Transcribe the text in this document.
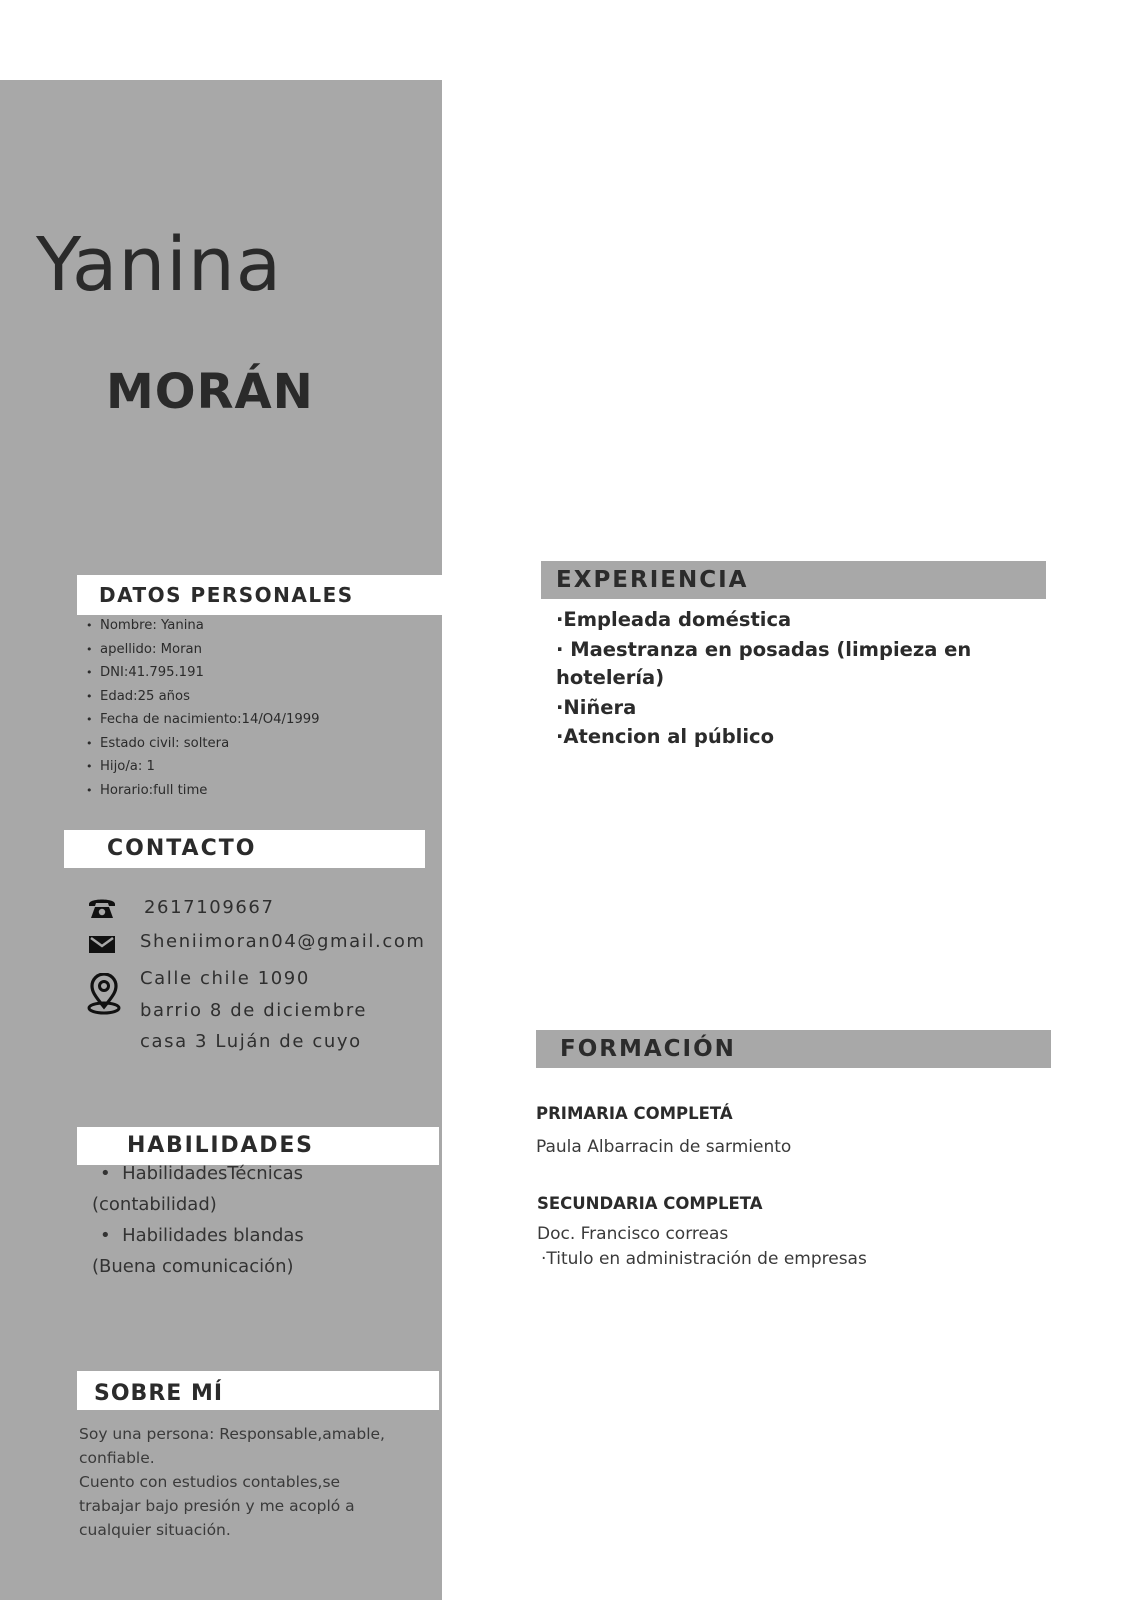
Yanina
MORÁN
DATOS PERSONALES
• Nombre: Yanina
• apellido: Moran
• DNI:41.795.191
• Edad:25 años
• Fecha de nacimiento:14/O4/1999
• Estado civil: soltera
• Hijo/a: 1
• Horario:full time
CONTACTO
2617109667
Sheniimoran04@gmail.com
Calle chile 1090
barrio 8 de diciembre
casa 3 Luján de cuyo
HABILIDADES
•  HabilidadesTécnicas
(contabilidad)
•  Habilidades blandas
(Buena comunicación)
SOBRE MÍ
Soy una persona: Responsable,amable,
confiable.
Cuento con estudios contables,se
trabajar bajo presión y me acopló a
cualquier situación.
EXPERIENCIA
·Empleada doméstica
· Maestranza en posadas (limpieza en hotelería)
·Niñera
·Atencion al público
FORMACIÓN
PRIMARIA COMPLETÁ
Paula Albarracin de sarmiento
SECUNDARIA COMPLETA
Doc. Francisco correas
·Titulo en administración de empresas
